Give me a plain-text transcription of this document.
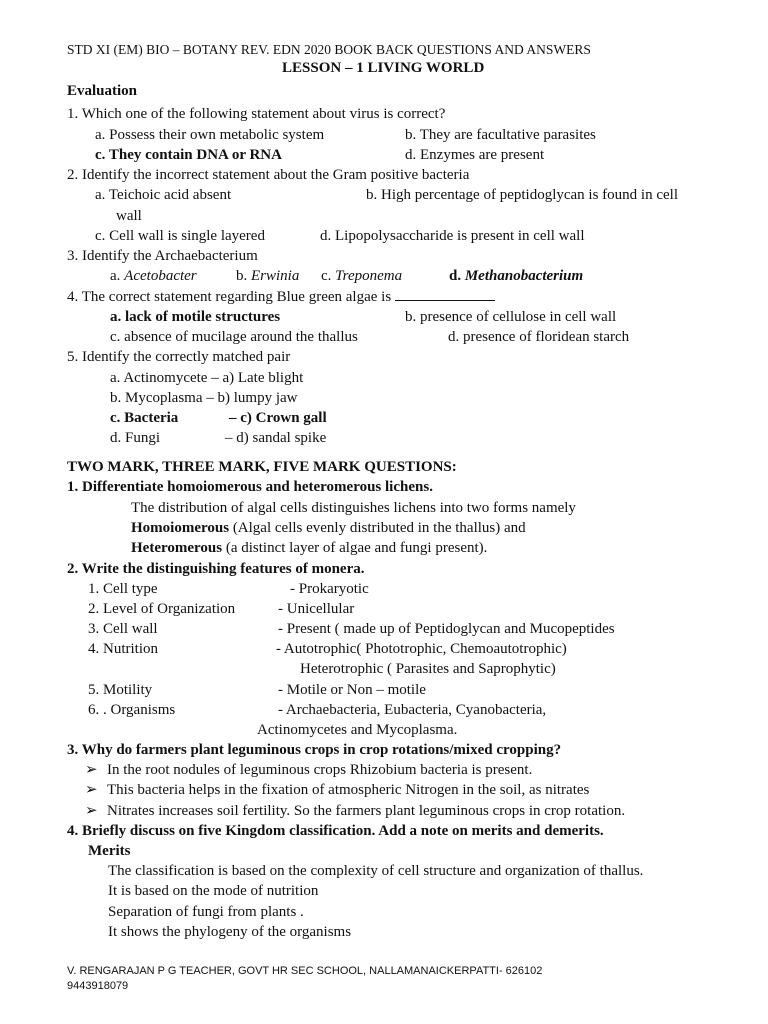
STD XI (EM) BIO – BOTANY REV. EDN 2020 BOOK BACK QUESTIONS AND ANSWERS
LESSON – 1 LIVING WORLD
Evaluation
1. Which one of the following statement about virus is correct?
a. Possess their own metabolic system	b. They are facultative parasites
c. They contain DNA or RNA	d. Enzymes are present
2. Identify the incorrect statement about the Gram positive bacteria
a. Teichoic acid absent	b. High percentage of peptidoglycan is found in cell
wall
c. Cell wall is single layered	d. Lipopolysaccharide is present in cell wall
3. Identify the Archaebacterium
a. Acetobacter	b. Erwinia c. Treponema	d. Methanobacterium
4. The correct statement regarding Blue green algae is
a. lack of motile structures	b. presence of cellulose in cell wall
c. absence of mucilage around the thallus	d. presence of floridean starch
5. Identify the correctly matched pair
a. Actinomycete – a) Late blight
b. Mycoplasma – b) lumpy jaw
c. Bacteria	– c) Crown gall
d. Fungi	– d) sandal spike
TWO MARK, THREE MARK, FIVE MARK QUESTIONS:
1. Differentiate homoiomerous and heteromerous lichens.
The distribution of algal cells distinguishes lichens into two forms namely
Homoiomerous (Algal cells evenly distributed in the thallus) and
Heteromerous (a distinct layer of algae and fungi present).
2. Write the distinguishing features of monera.
1. Cell type	- Prokaryotic
2. Level of Organization	- Unicellular
3. Cell wall	- Present ( made up of Peptidoglycan and Mucopeptides
4. Nutrition	- Autotrophic( Phototrophic, Chemoautotrophic)
Heterotrophic ( Parasites and Saprophytic)
5. Motility	- Motile or Non – motile
6. . Organisms	- Archaebacteria, Eubacteria, Cyanobacteria,
Actinomycetes and Mycoplasma.
3. Why do farmers plant leguminous crops in crop rotations/mixed cropping?
➢ In the root nodules of leguminous crops Rhizobium bacteria is present.
➢ This bacteria helps in the fixation of atmospheric Nitrogen in the soil, as nitrates
➢ Nitrates increases soil fertility. So the farmers plant leguminous crops in crop rotation.
4. Briefly discuss on five Kingdom classification. Add a note on merits and demerits.
Merits
The classification is based on the complexity of cell structure and organization of thallus.
It is based on the mode of nutrition
Separation of fungi from plants .
It shows the phylogeny of the organisms
V. RENGARAJAN P G TEACHER, GOVT HR SEC SCHOOL, NALLAMANAICKERPATTI- 626102
9443918079
